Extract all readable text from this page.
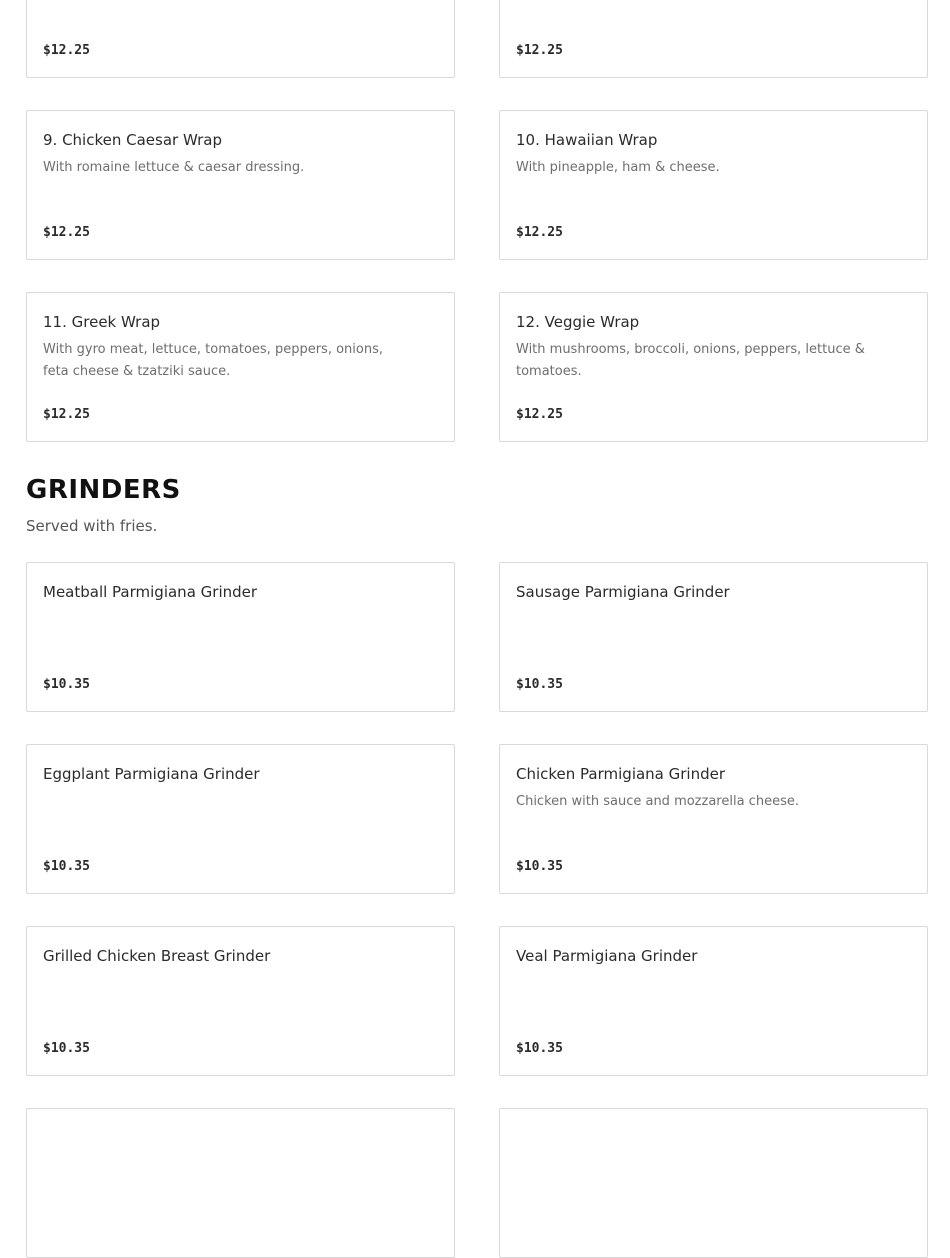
$12.25	$12.25
9. Chicken Caesar Wrap
With romaine lettuce & caesar dressing.
$12.25
10. Hawaiian Wrap
With pineapple, ham & cheese.
$12.25
11. Greek Wrap
With gyro meat, lettuce, tomatoes, peppers, onions, feta cheese & tzatziki sauce.
$12.25
12. Veggie Wrap
With mushrooms, broccoli, onions, peppers, lettuce & tomatoes.
$12.25
GRINDERS

Served with fries.

Meatball Parmigiana Grinder
$10.35
Sausage Parmigiana Grinder
$10.35
Eggplant Parmigiana Grinder
$10.35
Chicken Parmigiana Grinder
Chicken with sauce and mozzarella cheese.
$10.35
Grilled Chicken Breast Grinder
$10.35
Veal Parmigiana Grinder
$10.35
